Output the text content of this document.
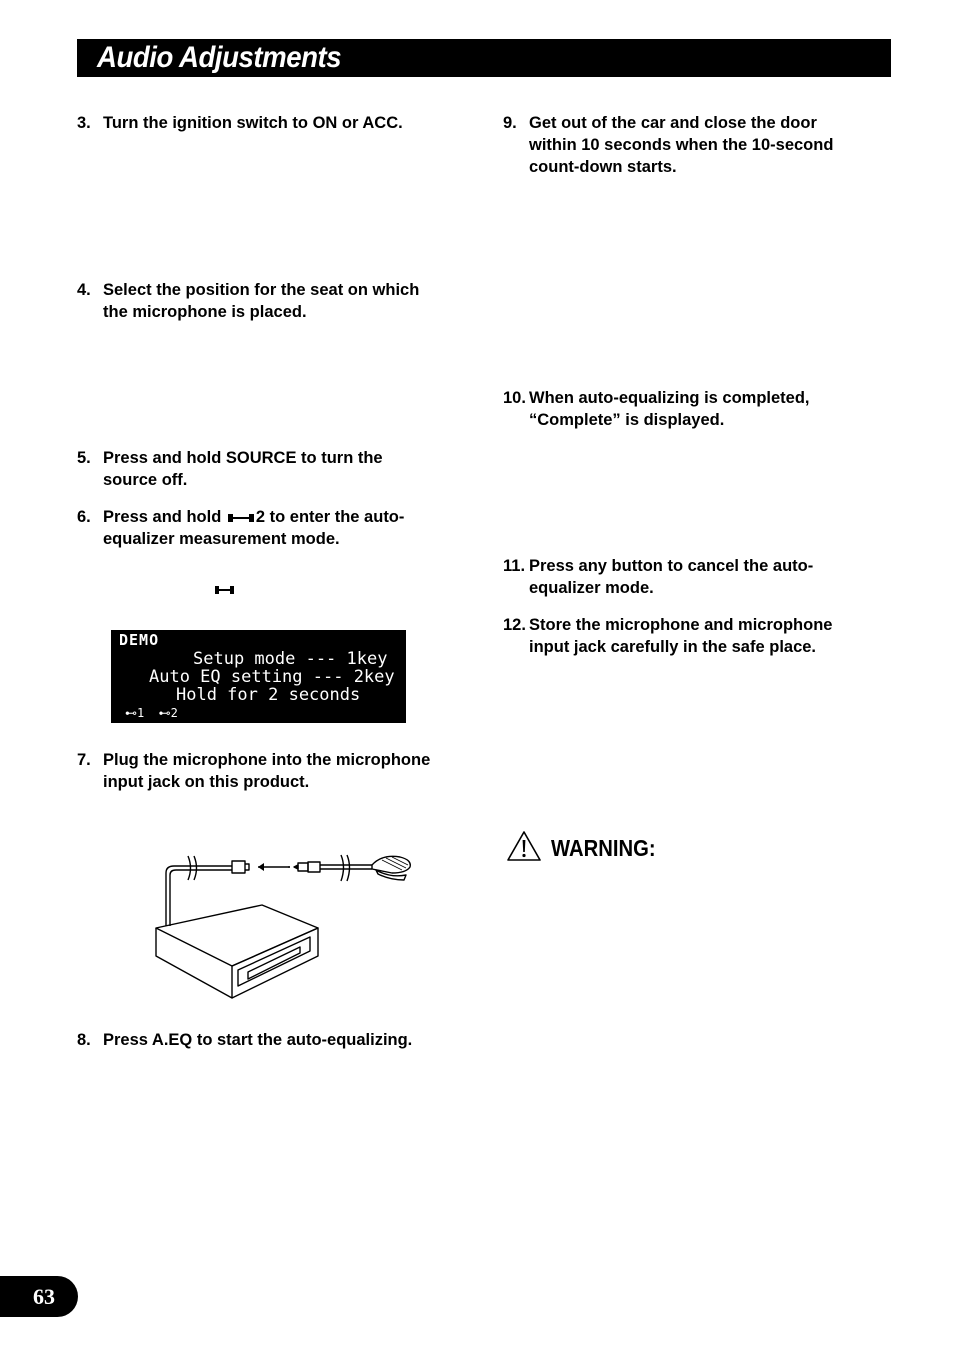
Audio Adjustments
3. Turn the ignition switch to ON or ACC.
4. Select the position for the seat on which
the microphone is placed.
5. Press and hold SOURCE to turn the
source off.
6. Press and hold 2 to enter the auto-
equalizer measurement mode.
DEMO
Setup mode --- 1key
Auto EQ setting --- 2key
Hold for 2 seconds
⊷1  ⊷2
7. Plug the microphone into the microphone
input jack on this product.
8. Press A.EQ to start the auto-equalizing.
9. Get out of the car and close the door
within 10 seconds when the 10-second
count-down starts.
10. When auto-equalizing is completed,
“Complete” is displayed.
11. Press any button to cancel the auto-
equalizer mode.
12. Store the microphone and microphone
input jack carefully in the safe place.
WARNING:
63
